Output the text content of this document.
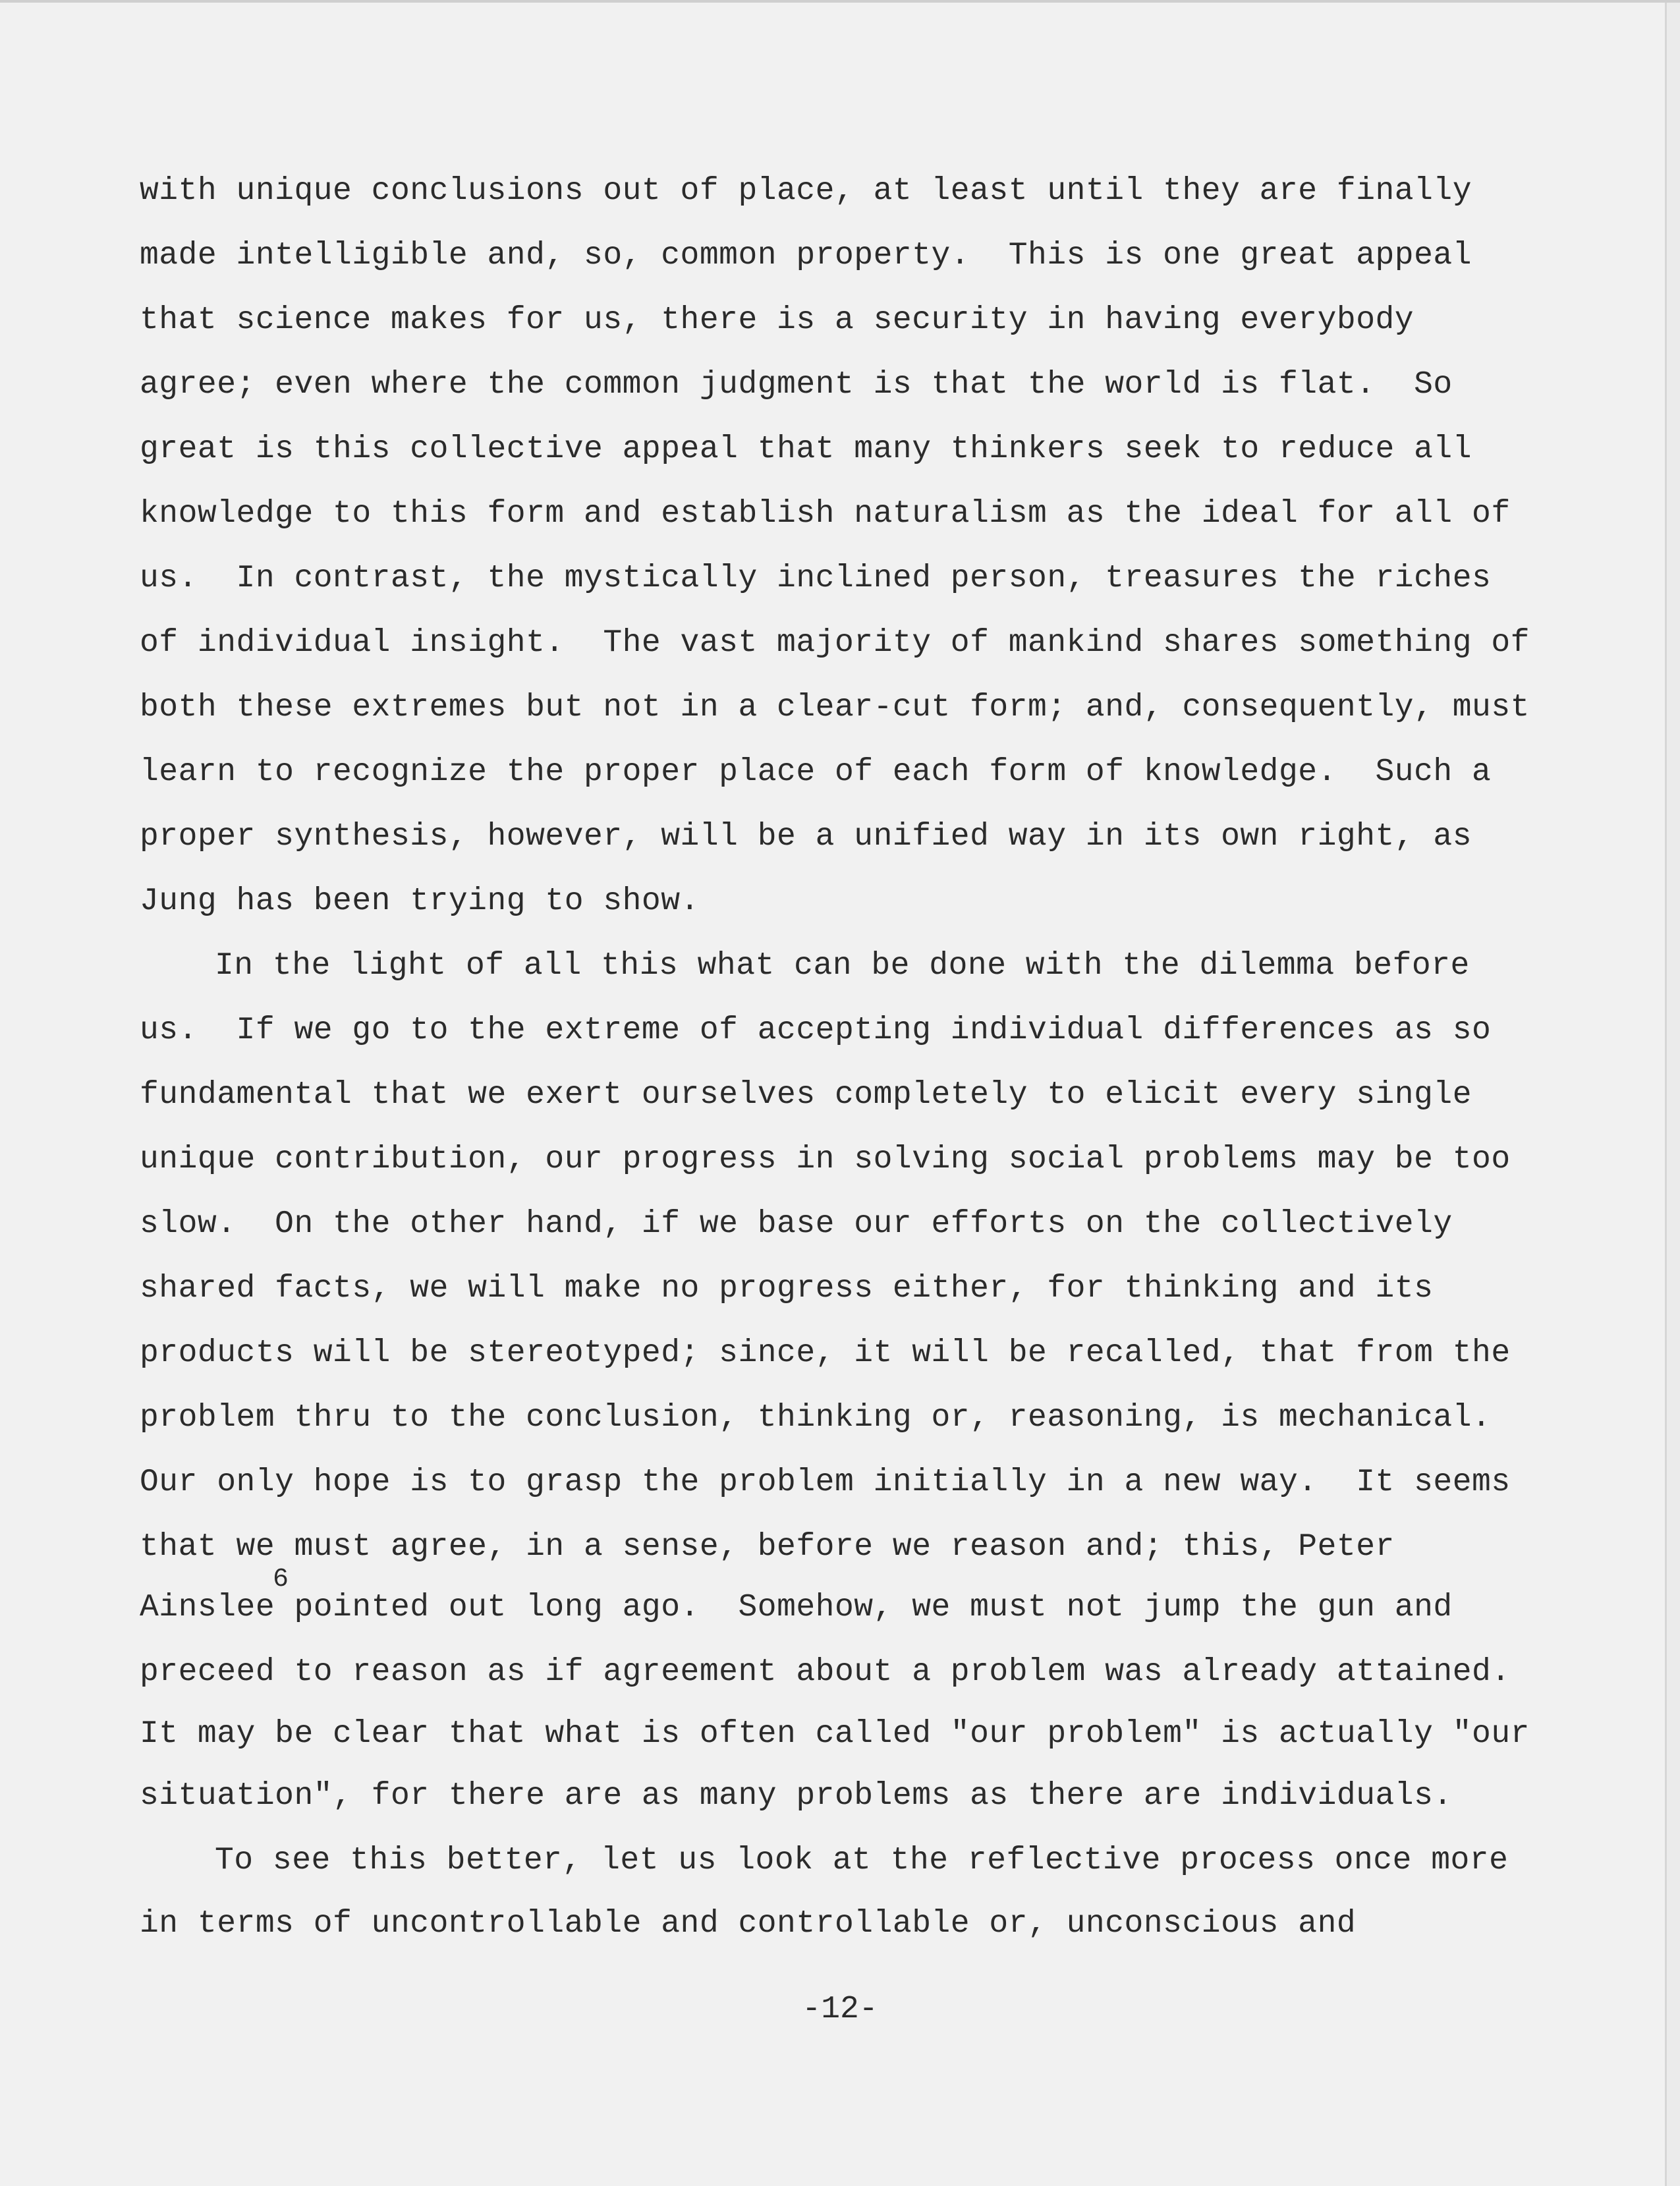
with unique conclusions out of place, at least until they are finally
made intelligible and, so, common property.  This is one great appeal
that science makes for us, there is a security in having everybody
agree; even where the common judgment is that the world is flat.  So
great is this collective appeal that many thinkers seek to reduce all
knowledge to this form and establish naturalism as the ideal for all of
us.  In contrast, the mystically inclined person, treasures the riches
of individual insight.  The vast majority of mankind shares something of
both these extremes but not in a clear-cut form; and, consequently, must
learn to recognize the proper place of each form of knowledge.  Such a
proper synthesis, however, will be a unified way in its own right, as
Jung has been trying to show.
In the light of all this what can be done with the dilemma before
us.  If we go to the extreme of accepting individual differences as so
fundamental that we exert ourselves completely to elicit every single
unique contribution, our progress in solving social problems may be too
slow.  On the other hand, if we base our efforts on the collectively
shared facts, we will make no progress either, for thinking and its
products will be stereotyped; since, it will be recalled, that from the
problem thru to the conclusion, thinking or, reasoning, is mechanical.
Our only hope is to grasp the problem initially in a new way.  It seems
that we must agree, in a sense, before we reason and; this, Peter
Ainslee pointed out long ago.  Somehow, we must not jump the gun and
6
preceed to reason as if agreement about a problem was already attained.
It may be clear that what is often called "our problem" is actually "our
situation", for there are as many problems as there are individuals.
To see this better, let us look at the reflective process once more
in terms of uncontrollable and controllable or, unconscious and
-12-
